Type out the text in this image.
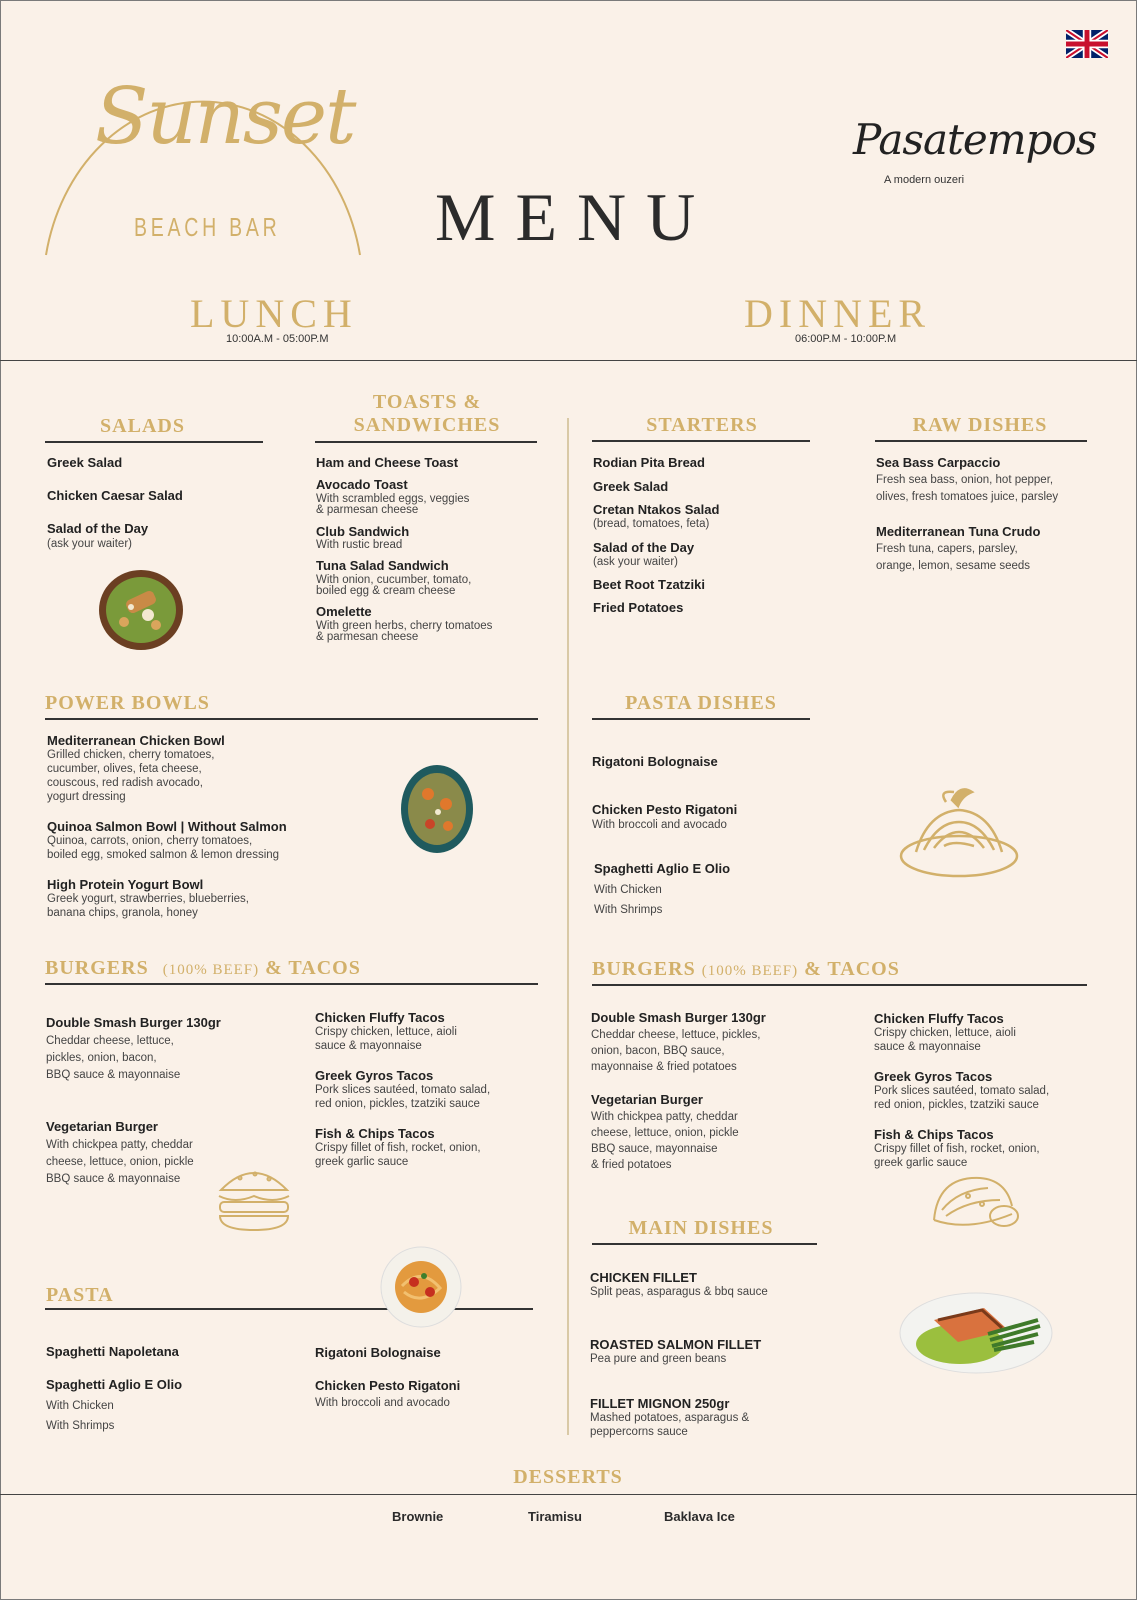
Sunset
BEACH BAR MENU
Pasatempos
A modern ouzeri
LUNCH
10:00A.M - 05:00P.M
DINNER
06:00P.M - 10:00P.M
SALADS
Greek Salad
Chicken Caesar Salad
Salad of the Day
(ask your waiter)
TOASTS &
SANDWICHES
Ham and Cheese Toast
Avocado Toast
With scrambled eggs, veggies
& parmesan cheese
Club Sandwich
With rustic bread
Tuna Salad Sandwich
With onion, cucumber, tomato,
boiled egg & cream cheese
Omelette
With green herbs, cherry tomatoes
& parmesan cheese
POWER BOWLS
Mediterranean Chicken Bowl
Grilled chicken, cherry tomatoes,
cucumber, olives, feta cheese,
couscous, red radish avocado,
yogurt dressing
Quinoa Salmon Bowl | Without Salmon
Quinoa, carrots, onion, cherry tomatoes,
boiled egg, smoked salmon & lemon dressing
High Protein Yogurt Bowl
Greek yogurt, strawberries, blueberries,
banana chips, granola, honey
BURGERS (100% BEEF) & TACOS
Double Smash Burger 130gr
Cheddar cheese, lettuce,
pickles, onion, bacon,
BBQ sauce & mayonnaise
Vegetarian Burger
With chickpea patty, cheddar
cheese, lettuce, onion, pickle
BBQ sauce & mayonnaise
Chicken Fluffy Tacos
Crispy chicken, lettuce, aioli
sauce & mayonnaise
Greek Gyros Tacos
Pork slices sautéed, tomato salad,
red onion, pickles, tzatziki sauce
Fish & Chips Tacos
Crispy fillet of fish, rocket, onion,
greek garlic sauce
PASTA
Spaghetti Napoletana
Spaghetti Aglio E Olio
With Chicken
With Shrimps
Rigatoni Bolognaise
Chicken Pesto Rigatoni
With broccoli and avocado
STARTERS
Rodian Pita Bread
Greek Salad
Cretan Ntakos Salad
(bread, tomatoes, feta)
Salad of the Day
(ask your waiter)
Beet Root Tzatziki
Fried Potatoes
RAW DISHES
Sea Bass Carpaccio
Fresh sea bass, onion, hot pepper,
olives, fresh tomatoes juice, parsley
Mediterranean Tuna Crudo
Fresh tuna, capers, parsley,
orange, lemon, sesame seeds
PASTA DISHES
Rigatoni Bolognaise
Chicken Pesto Rigatoni
With broccoli and avocado
Spaghetti Aglio E Olio
With Chicken
With Shrimps
BURGERS (100% BEEF) & TACOS
Double Smash Burger 130gr
Cheddar cheese, lettuce, pickles,
onion, bacon, BBQ sauce,
mayonnaise & fried potatoes
Vegetarian Burger
With chickpea patty, cheddar
cheese, lettuce, onion, pickle
BBQ sauce, mayonnaise
& fried potatoes
Chicken Fluffy Tacos
Crispy chicken, lettuce, aioli
sauce & mayonnaise
Greek Gyros Tacos
Pork slices sautéed, tomato salad,
red onion, pickles, tzatziki sauce
Fish & Chips Tacos
Crispy fillet of fish, rocket, onion,
greek garlic sauce
MAIN DISHES
CHICKEN FILLET
Split peas, asparagus & bbq sauce
ROASTED SALMON FILLET
Pea pure and green beans
FILLET MIGNON 250gr
Mashed potatoes, asparagus &
peppercorns sauce
DESSERTS
Brownie	Tiramisu	Baklava Ice
